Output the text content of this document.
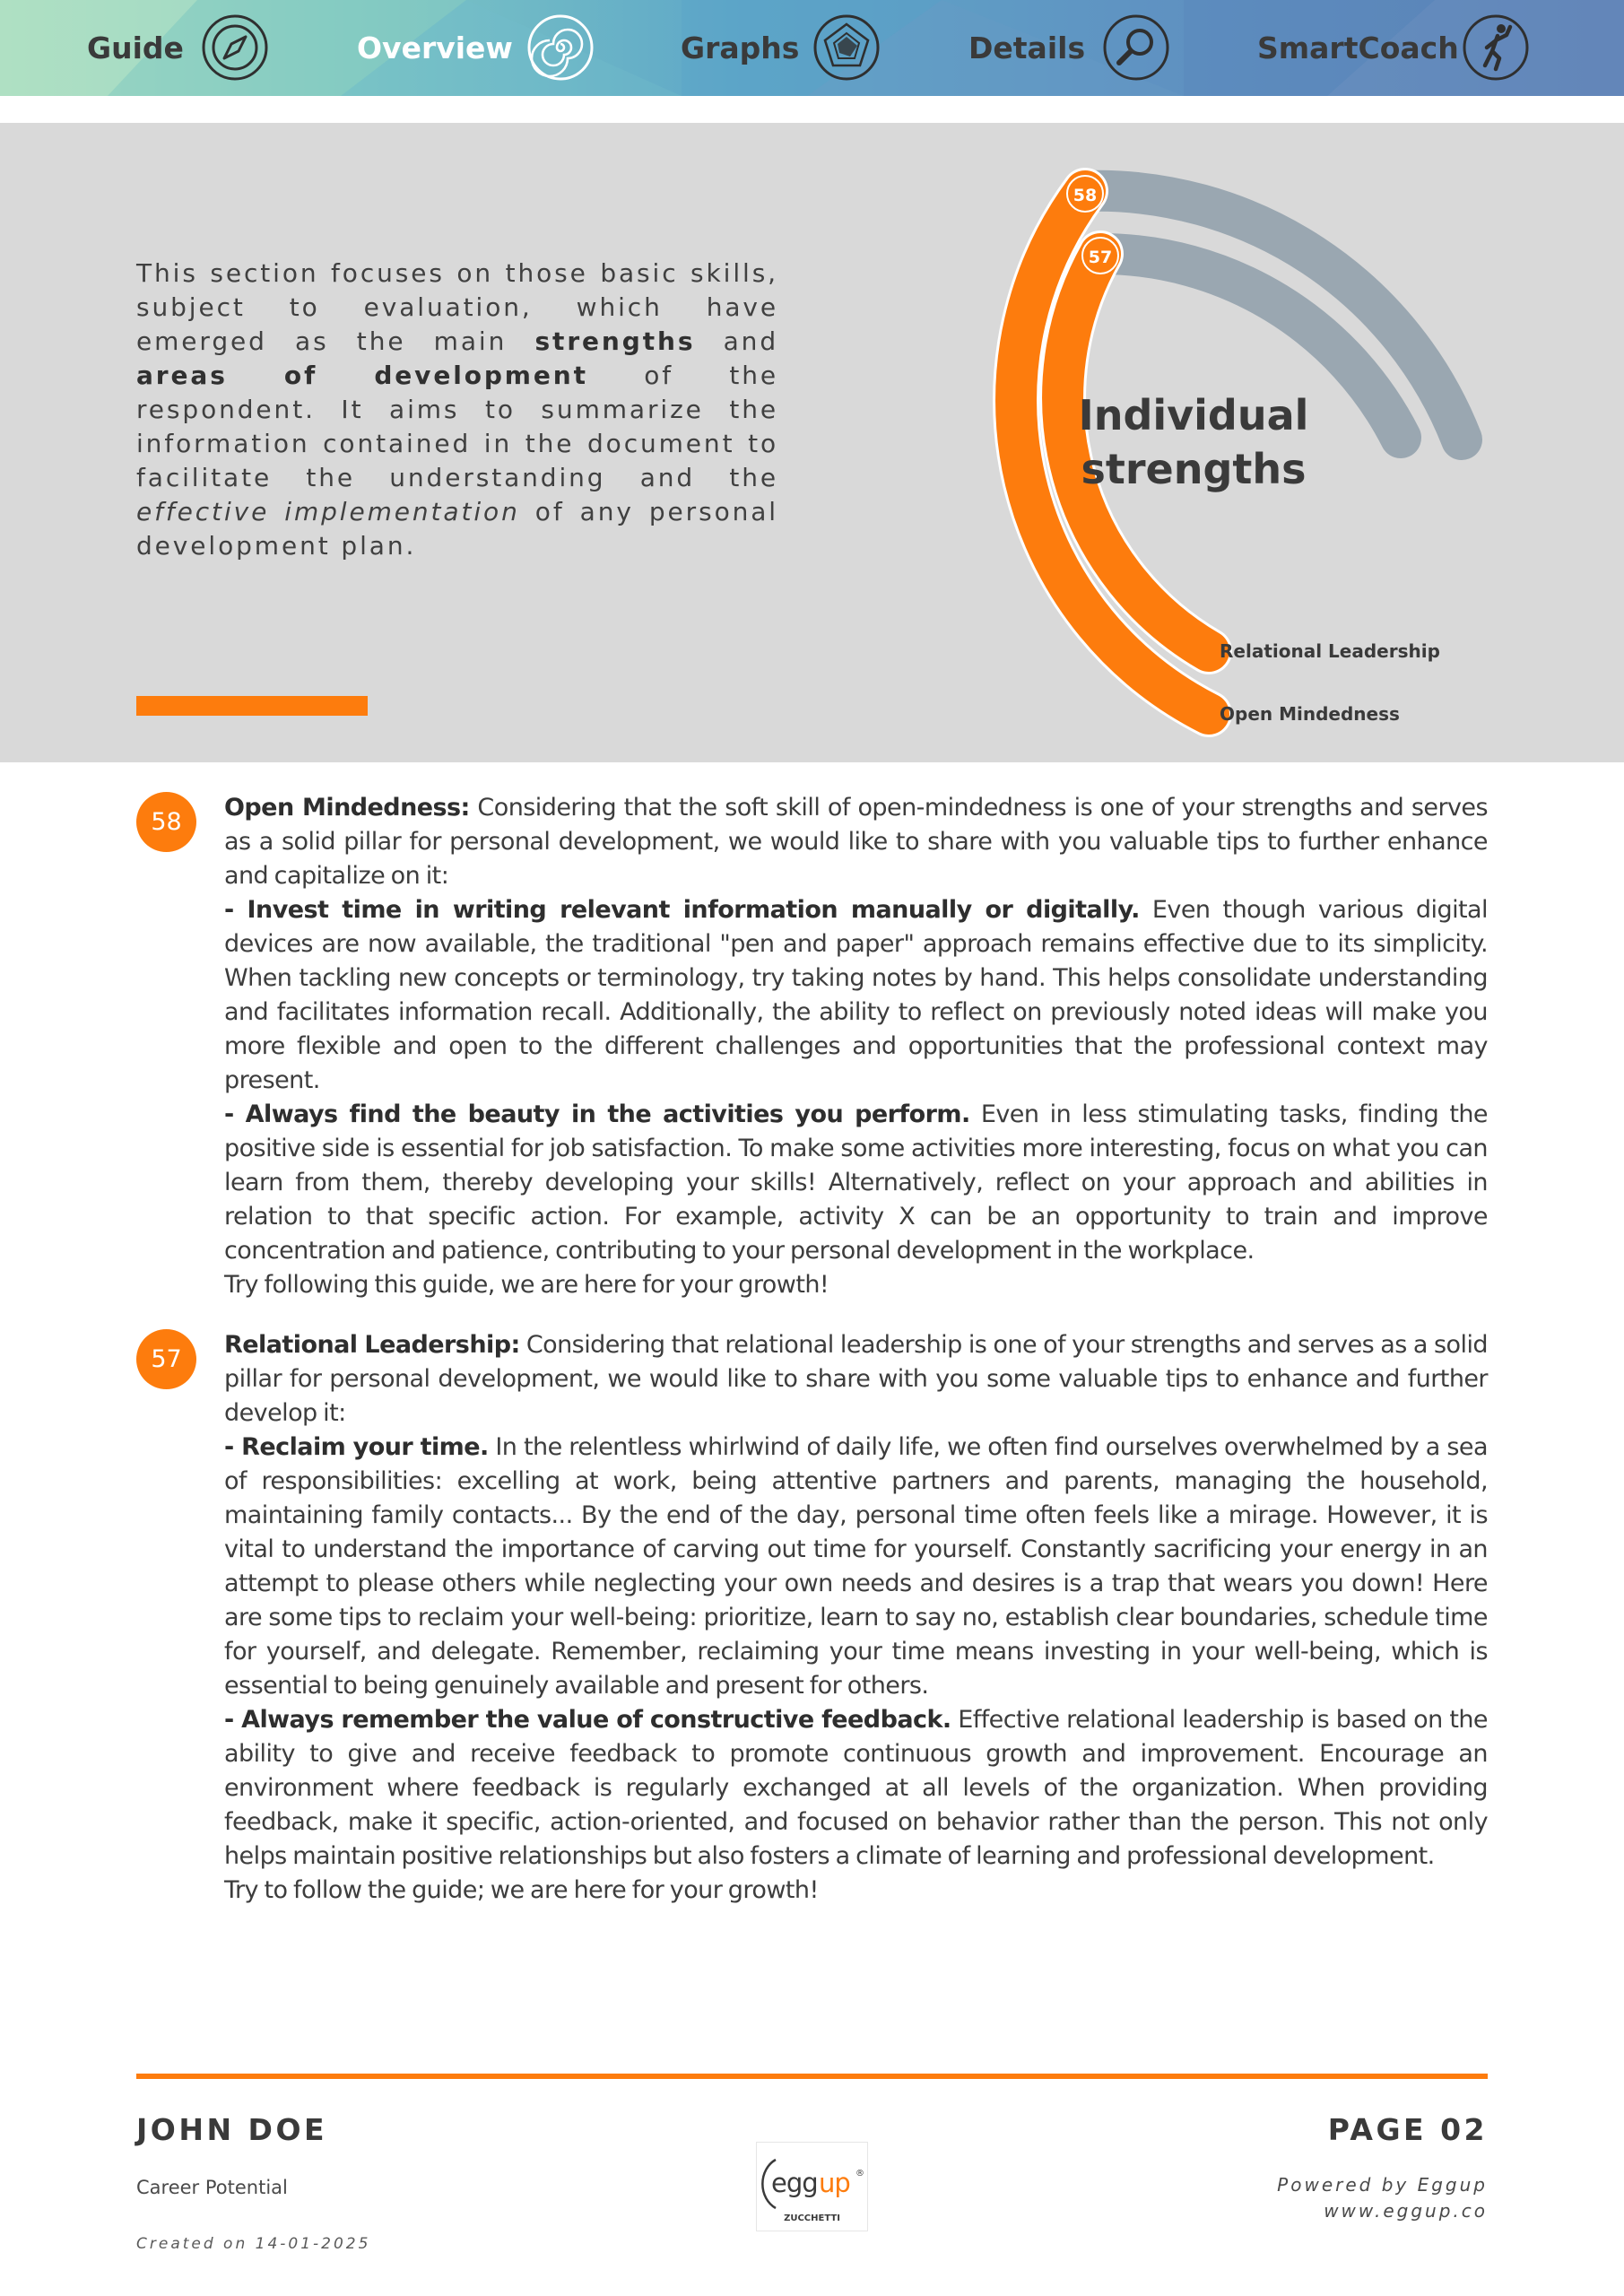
Guide	Overview	Graphs	Details	SmartCoach
This section focuses on those basic skills, subject to evaluation, which have emerged as the main strengths and areas of development of the respondent. It aims to summarize the information contained in the document to facilitate the understanding and the effective implementation of any personal development plan.
58
57
Relational Leadership
Open Mindedness
Individual
strengths
58

Open Mindedness: Considering that the soft skill of open-mindedness is one of your strengths and serves as a solid pillar for personal development, we would like to share with you valuable tips to further enhance and capitalize on it:

- Invest time in writing relevant information manually or digitally. Even though various digital devices are now available, the traditional "pen and paper" approach remains effective due to its simplicity. When tackling new concepts or terminology, try taking notes by hand. This helps consolidate understanding and facilitates information recall. Additionally, the ability to reflect on previously noted ideas will make you more flexible and open to the different challenges and opportunities that the professional context may present.

- Always find the beauty in the activities you perform. Even in less stimulating tasks, finding the positive side is essential for job satisfaction. To make some activities more interesting, focus on what you can learn from them, thereby developing your skills! Alternatively, reflect on your approach and abilities in relation to that specific action. For example, activity X can be an opportunity to train and improve concentration and patience, contributing to your personal development in the workplace.

Try following this guide, we are here for your growth!

57

Relational Leadership: Considering that relational leadership is one of your strengths and serves as a solid pillar for personal development, we would like to share with you some valuable tips to enhance and further develop it:

- Reclaim your time. In the relentless whirlwind of daily life, we often find ourselves overwhelmed by a sea of responsibilities: excelling at work, being attentive partners and parents, managing the household, maintaining family contacts... By the end of the day, personal time often feels like a mirage. However, it is vital to understand the importance of carving out time for yourself. Constantly sacrificing your energy in an attempt to please others while neglecting your own needs and desires is a trap that wears you down! Here are some tips to reclaim your well-being: prioritize, learn to say no, establish clear boundaries, schedule time for yourself, and delegate. Remember, reclaiming your time means investing in your well-being, which is essential to being genuinely available and present for others.

- Always remember the value of constructive feedback. Effective relational leadership is based on the ability to give and receive feedback to promote continuous growth and improvement. Encourage an environment where feedback is regularly exchanged at all levels of the organization. When providing feedback, make it specific, action-oriented, and focused on behavior rather than the person. This not only helps maintain positive relationships but also fosters a climate of learning and professional development.

Try to follow the guide; we are here for your growth!

JOHN DOE
Career Potential
Created on 14-01-2025
PAGE 02
Powered by Eggup
www.eggup.co
egg up ®
ZUCCHETTI
